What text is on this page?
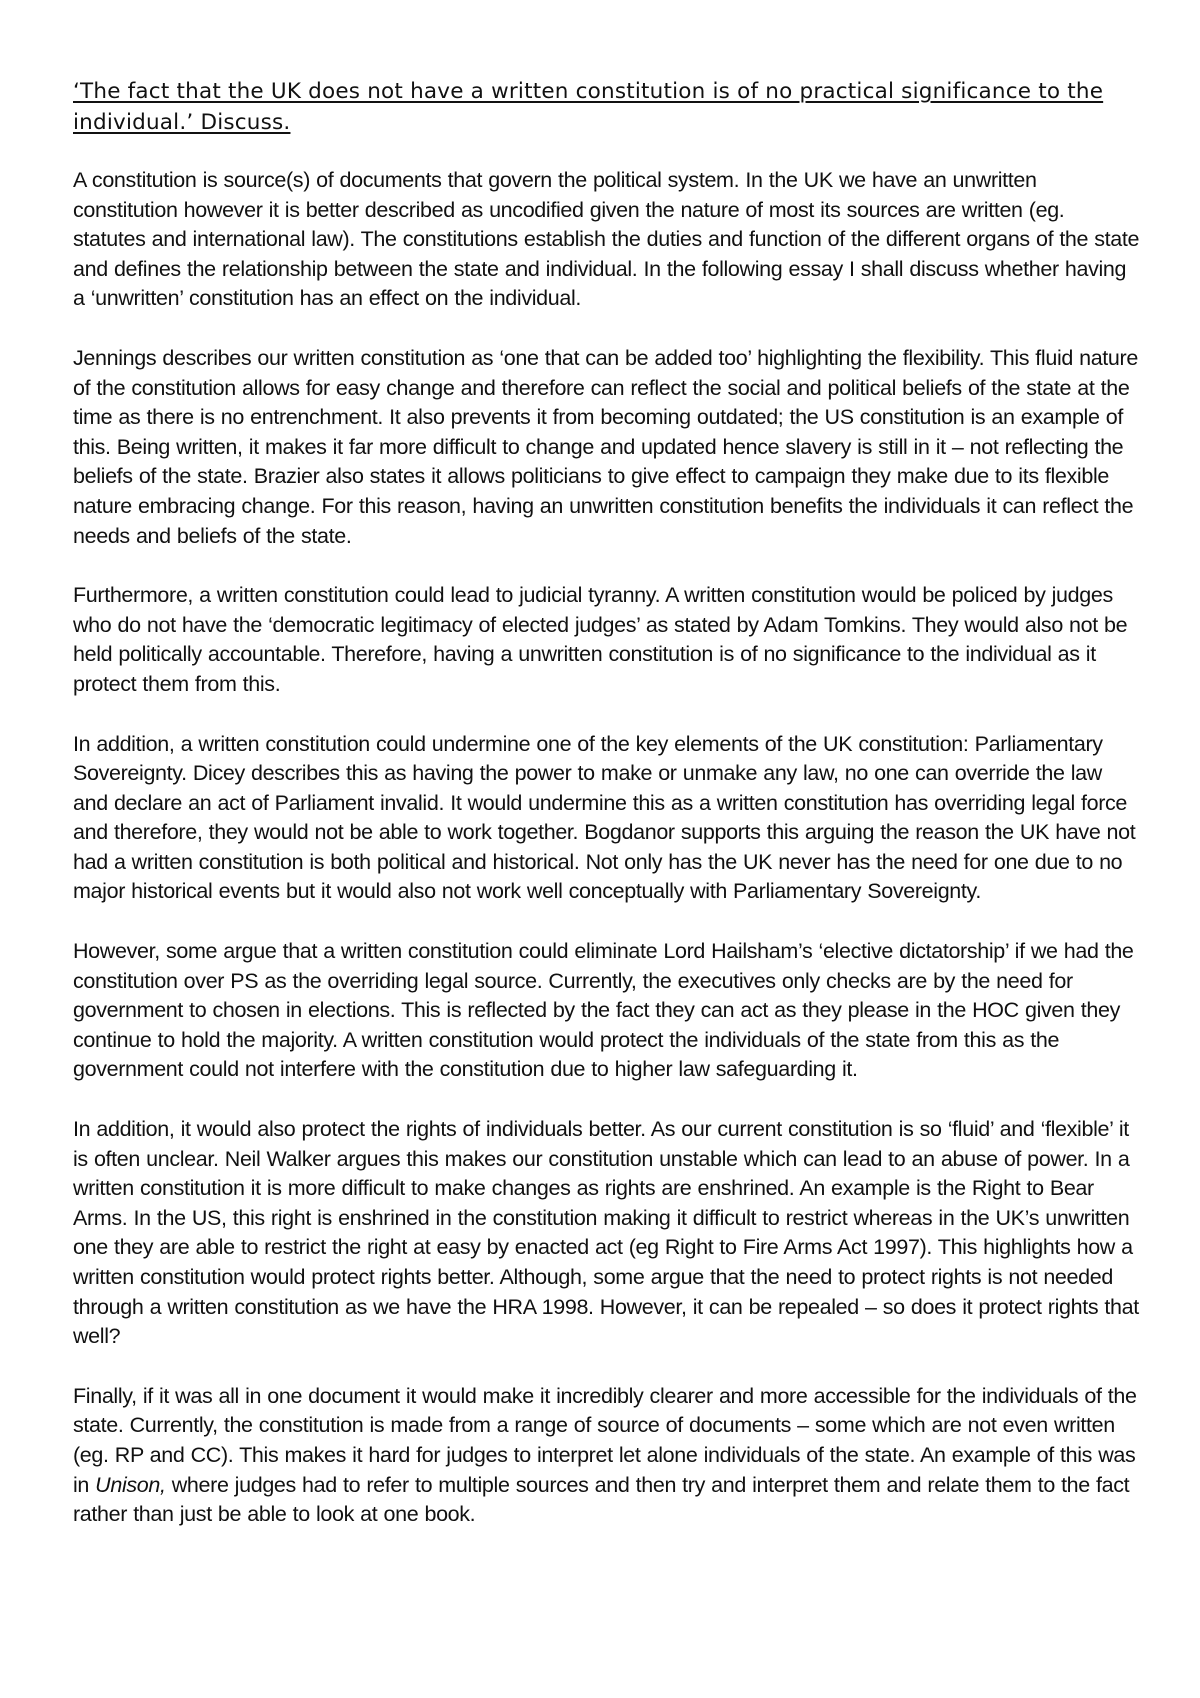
‘The fact that the UK does not have a written constitution is of no practical significance to the individual.’ Discuss.

A constitution is source(s) of documents that govern the political system. In the UK we have an unwritten constitution however it is better described as uncodified given the nature of most its sources are written (eg. statutes and international law). The constitutions establish the duties and function of the different organs of the state and defines the relationship between the state and individual. In the following essay I shall discuss whether having a ‘unwritten’ constitution has an effect on the individual.

Jennings describes our written constitution as ‘one that can be added too’ highlighting the flexibility. This fluid nature of the constitution allows for easy change and therefore can reflect the social and political beliefs of the state at the time as there is no entrenchment. It also prevents it from becoming outdated; the US constitution is an example of this. Being written, it makes it far more difficult to change and updated hence slavery is still in it – not reflecting the beliefs of the state. Brazier also states it allows politicians to give effect to campaign they make due to its flexible nature embracing change. For this reason, having an unwritten constitution benefits the individuals it can reflect the needs and beliefs of the state.

Furthermore, a written constitution could lead to judicial tyranny. A written constitution would be policed by judges who do not have the ‘democratic legitimacy of elected judges’ as stated by Adam Tomkins. They would also not be held politically accountable. Therefore, having a unwritten constitution is of no significance to the individual as it protect them from this.

In addition, a written constitution could undermine one of the key elements of the UK constitution: Parliamentary Sovereignty. Dicey describes this as having the power to make or unmake any law, no one can override the law and declare an act of Parliament invalid. It would undermine this as a written constitution has overriding legal force and therefore, they would not be able to work together. Bogdanor supports this arguing the reason the UK have not had a written constitution is both political and historical. Not only has the UK never has the need for one due to no major historical events but it would also not work well conceptually with Parliamentary Sovereignty.

However, some argue that a written constitution could eliminate Lord Hailsham’s ‘elective dictatorship’ if we had the constitution over PS as the overriding legal source. Currently, the executives only checks are by the need for government to chosen in elections. This is reflected by the fact they can act as they please in the HOC given they continue to hold the majority. A written constitution would protect the individuals of the state from this as the government could not interfere with the constitution due to higher law safeguarding it.

In addition, it would also protect the rights of individuals better. As our current constitution is so ‘fluid’ and ‘flexible’ it is often unclear. Neil Walker argues this makes our constitution unstable which can lead to an abuse of power. In a written constitution it is more difficult to make changes as rights are enshrined. An example is the Right to Bear Arms. In the US, this right is enshrined in the constitution making it difficult to restrict whereas in the UK’s unwritten one they are able to restrict the right at easy by enacted act (eg Right to Fire Arms Act 1997). This highlights how a written constitution would protect rights better. Although, some argue that the need to protect rights is not needed through a written constitution as we have the HRA 1998. However, it can be repealed – so does it protect rights that well?

Finally, if it was all in one document it would make it incredibly clearer and more accessible for the individuals of the state. Currently, the constitution is made from a range of source of documents – some which are not even written (eg. RP and CC). This makes it hard for judges to interpret let alone individuals of the state. An example of this was in Unison, where judges had to refer to multiple sources and then try and interpret them and relate them to the fact rather than just be able to look at one book.
